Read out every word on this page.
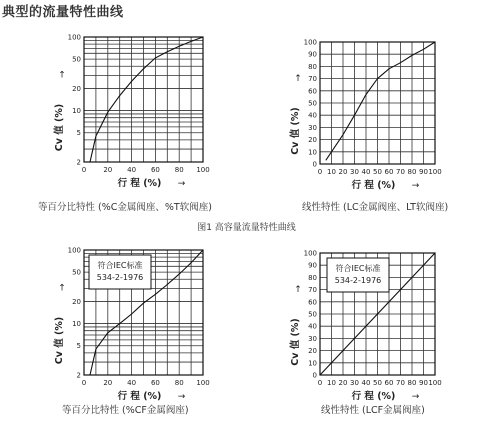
典型的流量特性曲线
0 20 40 60 80 100
2
5
10
20
50
100
行 程 (%) →
Cv 值 (%)
↑
0 10 20 30 40 50 60 70 80 90 100
0
10
20
30
40
50
60
70
80
90
100
行 程 (%) →
Cv 值 (%)
↑
0 20 40 60 80 100
2
5
10
20
50
100
行 程 (%) →
Cv 值 (%)
↑
符合IEC标准
534-2-1976
0 10 20 30 40 50 60 70 80 90 100
0
10
20
30
40
50
60
70
80
90
100
行 程 (%) →
Cv 值 (%)
↑
符合IEC标准
534-2-1976
等百分比特性 (%C金属阀座、%T软阀座)	线性特性 (LC金属阀座、LT软阀座)
图1 高容量流量特性曲线
等百分比特性 (%CF金属阀座)	线性特性 (LCF金属阀座)
